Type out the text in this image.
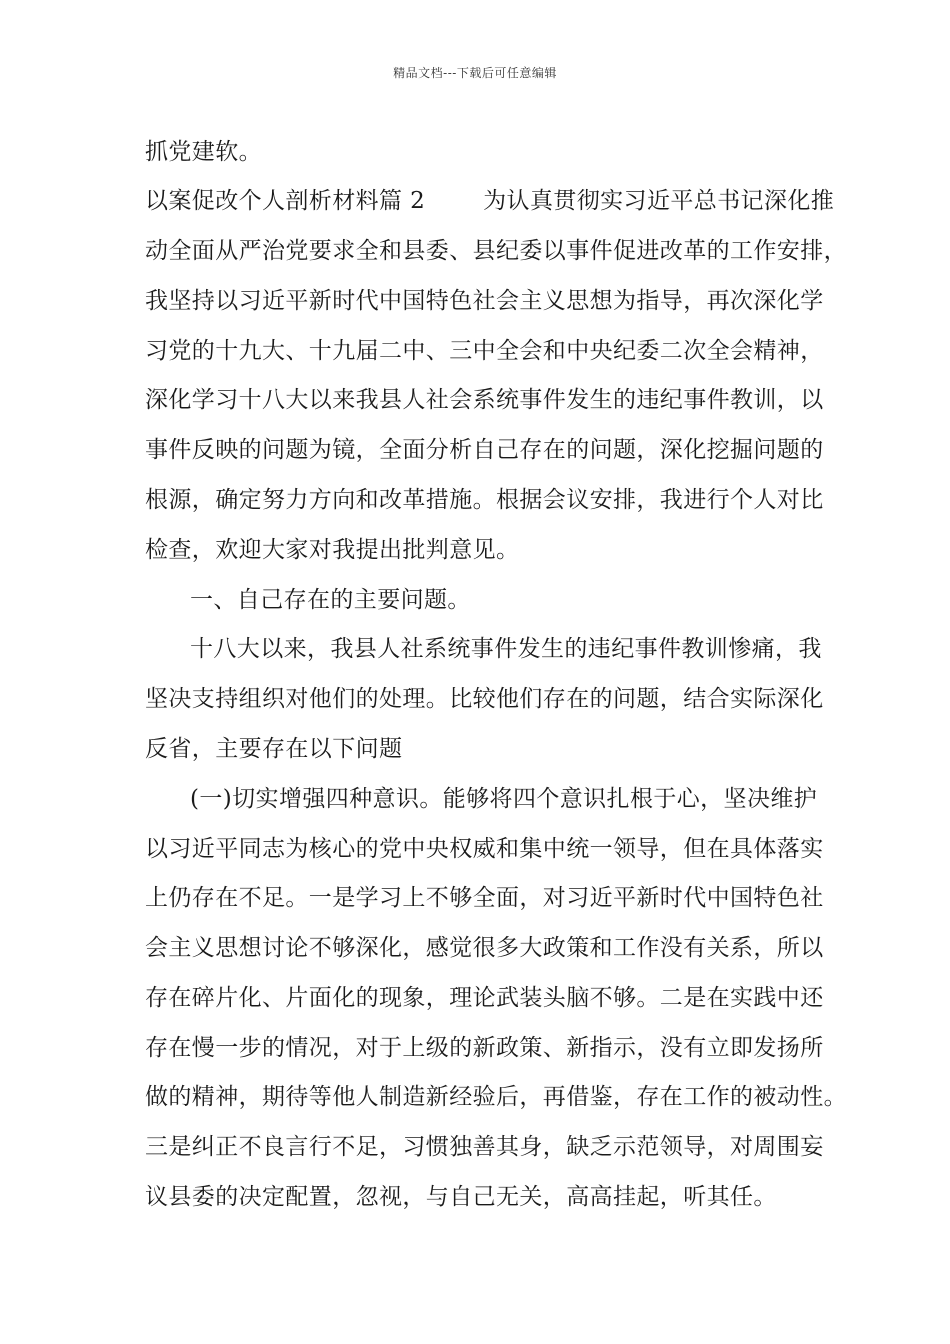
精品文档---下载后可任意编辑
抓党建软。
以案促改个人剖析材料篇 2	为认真贯彻实习近平总书记深化推
动全面从严治党要求全和县委、县纪委以事件促进改革的工作安排，
我坚持以习近平新时代中国特色社会主义思想为指导，再次深化学
习党的十九大、十九届二中、三中全会和中央纪委二次全会精神，
深化学习十八大以来我县人社会系统事件发生的违纪事件教训，以
事件反映的问题为镜，全面分析自己存在的问题，深化挖掘问题的
根源，确定努力方向和改革措施。根据会议安排，我进行个人对比
检查，欢迎大家对我提出批判意见。
一、自己存在的主要问题。
十八大以来，我县人社系统事件发生的违纪事件教训惨痛，我
坚决支持组织对他们的处理。比较他们存在的问题，结合实际深化
反省，主要存在以下问题
(一)切实增强四种意识。能够将四个意识扎根于心，坚决维护
以习近平同志为核心的党中央权威和集中统一领导，但在具体落实
上仍存在不足。一是学习上不够全面，对习近平新时代中国特色社
会主义思想讨论不够深化，感觉很多大政策和工作没有关系，所以
存在碎片化、片面化的现象，理论武装头脑不够。二是在实践中还
存在慢一步的情况，对于上级的新政策、新指示，没有立即发扬所
做的精神，期待等他人制造新经验后，再借鉴，存在工作的被动性。
三是纠正不良言行不足，习惯独善其身，缺乏示范领导，对周围妄
议县委的决定配置，忽视，与自己无关，高高挂起，听其任。
